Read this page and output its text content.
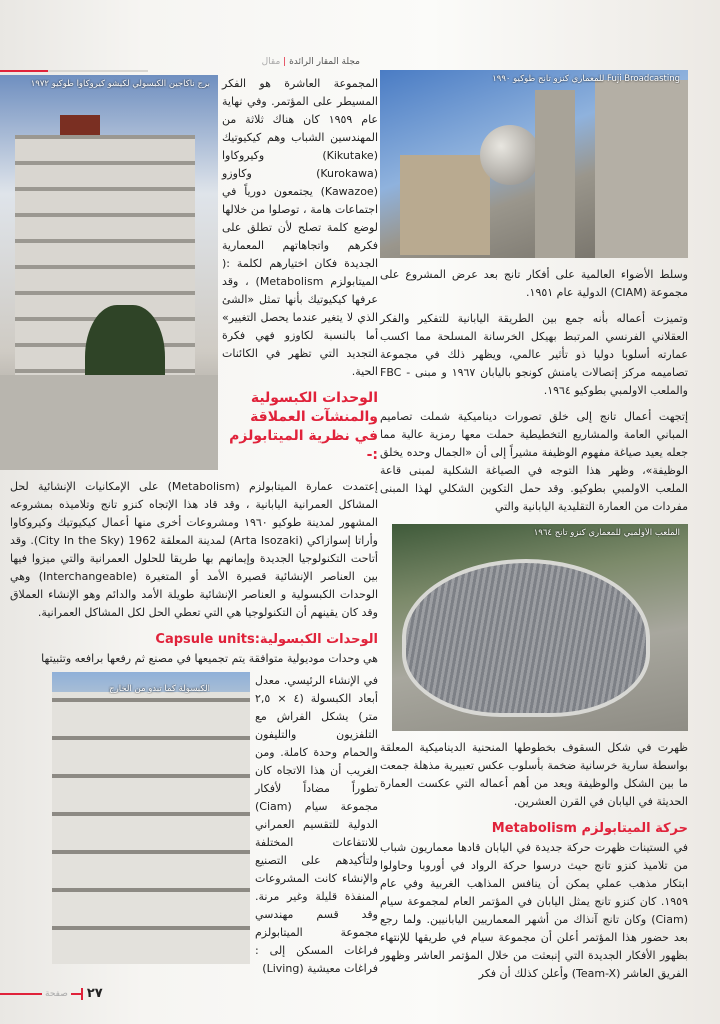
مجلة المقار الرائدة | مقال
برج ناكاجين الكبسولي لكيشو كيروكاوا طوكيو ١٩٧٢ المجموعة العاشرة هو الفكر المسيطر على المؤتمر. وفي نهاية عام ١٩٥٩ كان هناك ثلاثة من المهندسين الشباب وهم كيكيوتيك (Kikutake) وكيروكاوا (Kurokawa) وكاوزو (Kawazoe) يجتمعون دورياً في اجتماعات هامة ، توصلوا من خلالها لوضع كلمة تصلح لأن تطلق على فكرهم واتجاهاتهم المعمارية الجديدة فكان اختيارهم لكلمة :( الميتابولزم Metabolism) ، وقد عرفها كيكيوتيك بأنها تمثل «الشئ الذي لا يتغير عندما يحصل التغيير» أما بالنسبة لكاوزو فهي فكرة التجديد التي تظهر في الكائنات الحية.

الوحدات الكبسولية والمنشآت العملاقة في نظرية الميتابولزم :-

إعتمدت عمارة الميتابولزم (Metabolism) على الإمكانيات الإنشائية لحل المشاكل العمرانية اليابانية ، وقد قاد هذا الإتجاه كنزو تانج وتلاميذه بمشروعه المشهور لمدينة طوكيو ١٩٦٠ ومشروعات أخرى منها أعمال كيكيوتيك وكيروكاوا وأراتا إسوازاكي (Arta Isozaki) لمدينة المعلقة 1962 (City In the Sky). وقد أتاحت التكنولوجيا الجديدة وإيمانهم بها طريقا للحلول العمرانية والتي ميزوا فيها بين العناصر الإنشائية قصيرة الأمد أو المتغيرة (Interchangeable) وهي الوحدات الكبسولية و العناصر الإنشائية طويلة الأمد والدائم وهو الإنشاء العملاق وقد كان يقينهم أن التكنولوجيا هي التي تعطي الحل لكل المشاكل العمرانية.

الوحدات الكبسولية:Capsule units

هي وحدات موديولية متوافقة يتم تجميعها في مصنع ثم رفعها برافعه وتثبيتها

الكبسولة كما تبدو من الخارج

في الإنشاء الرئيسي. معدل أبعاد الكبسولة (٤ × ٢,٥ متر) يشكل الفراش مع التلفزيون والتليفون والحمام وحدة كاملة. ومن الغريب أن هذا الاتجاه كان تطوراً مضاداً لأفكار مجموعة سيام (Ciam) الدولية للتقسيم العمراني للانتفاعات المختلفة ولتأكيدهم على التصنيع والإنشاء كانت المشروعات المنفذة قليلة وغير مرنة. وقد قسم مهندسي مجموعة الميتابولزم فراغات المسكن إلى : فراغات معيشية (Living)

صفحة ٢٧
Fuji Broadcasting للمعماري كنزو تانج طوكيو ١٩٩٠

وسلط الأضواء العالمية على أفكار تانج بعد عرض المشروع على مجموعة (CIAM) الدولية عام ١٩٥١.

وتميزت أعماله بأنه جمع بين الطريقة اليابانية للتفكير والفكر العقلاني الفرنسي المرتبط بهيكل الخرسانة المسلحة مما اكسب عمارته أسلوبا دوليا ذو تأثير عالمي، ويظهر ذلك في مجموعة تصاميمه مركز إتصالات يامنش كونجو باليابان ١٩٦٧ و مبنى - FBC والملعب الاولمبي بطوكيو ١٩٦٤.

إتجهت أعمال تانج إلى خلق تصورات ديناميكية شملت تصاميم المباني العامة والمشاريع التخطيطية حملت معها رمزية عالية مما جعله يعيد صياغة مفهوم الوظيفة مشيراً إلى أن «الجمال وحده يخلق الوظيفة»، وظهر هذا التوجه في الصياغة الشكلية لمبنى قاعة الملعب الاولمبي بطوكيو. وقد حمل التكوين الشكلي لهذا المبنى مفردات من العمارة التقليدية اليابانية والتي

الملعب الأولمبي للمعماري كنزو تانج ١٩٦٤

ظهرت في شكل السقوف بخطوطها المنحنية الديناميكية المعلقة بواسطة سارية خرسانية ضخمة بأسلوب عكس تعبيرية مذهلة جمعت ما بين الشكل والوظيفة ويعد من أهم أعماله التي عكست العمارة الحديثة في اليابان في القرن العشرين.

حركة الميتابولزم Metabolism

في الستينات ظهرت حركة جديدة في اليابان قادها معماريون شباب من تلاميذ كنزو تانج حيث درسوا حركة الرواد في أوروبا وحاولوا ابتكار مذهب عملي يمكن أن ينافس المذاهب الغربية وفي عام ١٩٥٩. كان كنزو تانج يمثل اليابان في المؤتمر العام لمجموعة سيام (Ciam) وكان تانج آنذاك من أشهر المعماريين اليابانيين. ولما رجع بعد حضور هذا المؤتمر أعلن أن مجموعة سيام في طريقها للإنتهاء بظهور الأفكار الجديدة التي إنبعثت من خلال المؤتمر العاشر وظهور الفريق العاشر (Team-X) وأعلن كذلك أن فكر
